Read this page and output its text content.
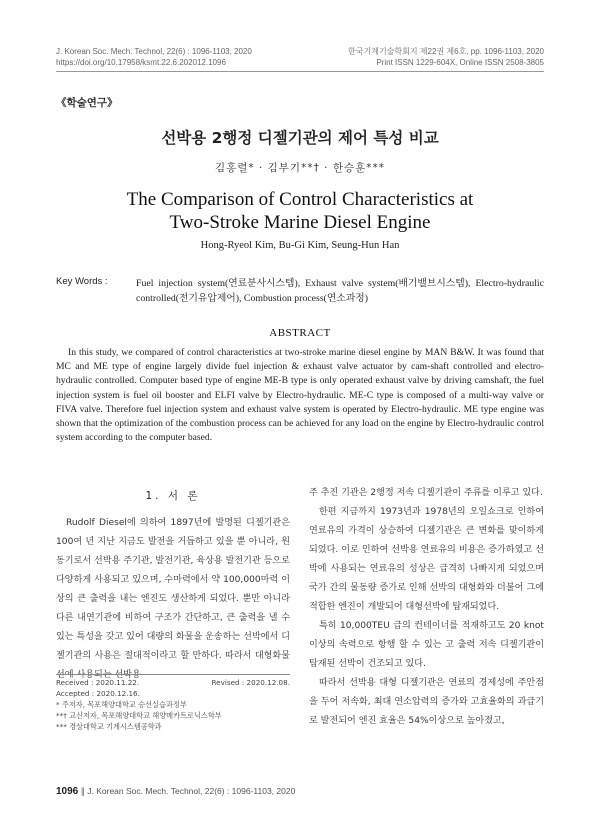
J. Korean Soc. Mech. Technol, 22(6) : 1096-1103, 2020
https://doi.org/10.17958/ksmt.22.6.202012.1096
한국기계기술학회지 제22권 제6호, pp. 1096-1103, 2020
Print ISSN 1229-604X, Online ISSN 2508-3805
《학술연구》
선박용 2행정 디젤기관의 제어 특성 비교
김홍렬* · 김부기**† · 한승훈***
The Comparison of Control Characteristics at
Two-Stroke Marine Diesel Engine
Hong-Ryeol Kim, Bu-Gi Kim, Seung-Hun Han
Key Words :	Fuel injection system(연료분사시스템), Exhaust valve system(배기밸브시스템), Electro-hydraulic controlled(전기유압제어), Combustion process(연소과정)
ABSTRACT

In this study, we compared of control characteristics at two-stroke marine diesel engine by MAN B&W. It was found that MC and ME type of engine largely divide fuel injection & exhaust valve actuator by cam-shaft controlled and electro-hydraulic controlled. Computer based type of engine ME-B type is only operated exhaust valve by driving camshaft, the fuel injection system is fuel oil booster and ELFI valve by Electro-hydraulic. ME-C type is composed of a multi-way valve or FIVA valve. Therefore fuel injection system and exhaust valve system is operated by Electro-hydraulic. ME type engine was shown that the optimization of the combustion process can be achieved for any load on the engine by Electro-hydraulic control system according to the computer based.

1. 서 론

Rudolf Diesel에 의하여 1897년에 발명된 디젤기관은 100여 년 지난 지금도 발전을 거듭하고 있을 뿐 아니라, 원동기로서 선박용 주기관, 발전기관, 육상용 발전기관 등으로 다양하게 사용되고 있으며, 수마력에서 약 100,000마력 이상의 큰 출력을 내는 엔진도 생산하게 되었다. 뿐만 아니라 다른 내연기관에 비하여 구조가 간단하고, 큰 출력을 낼 수 있는 특성을 갖고 있어 대량의 화물을 운송하는 선박에서 디젤기관의 사용은 절대적이라고 할 만하다. 따라서 대형화물선에 사용되는 선박용

주 추진 기관은 2행정 저속 디젤기관이 주류를 이루고 있다.

한편 지금까지 1973년과 1978년의 오일쇼크로 인하여 연료유의 가격이 상승하여 디젤기관은 큰 변화를 맞이하게 되었다. 이로 인하여 선박용 연료유의 비용은 증가하였고 선박에 사용되는 연료유의 성상은 급격히 나빠지게 되었으며 국가 간의 물동량 증가로 인해 선박의 대형화와 더불어 그에 적합한 엔진이 개발되어 대형선박에 탑재되었다.

특히 10,000TEU 급의 컨테이너를 적재하고도 20 knot 이상의 속력으로 항행 할 수 있는 고 출력 저속 디젤기관이 탑재된 선박이 건조되고 있다.

따라서 선박용 대형 디젤기관은 연료의 경제성에 주안점을 두어 저속화, 최대 연소압력의 증가와 고효율화의 과급기로 발전되어 엔진 효율은 54%이상으로 높아졌고,

Received : 2020.11.22.	Revised : 2020.12.08.
Accepted : 2020.12.16.
* 주저자, 목포해양대학교 승선실습과정부
**† 교신저자, 목포해양대학교 해양메카트로닉스학부
*** 경상대학교 기계시스템공학과
1096 ∥ J. Korean Soc. Mech. Technol, 22(6) : 1096-1103, 2020
